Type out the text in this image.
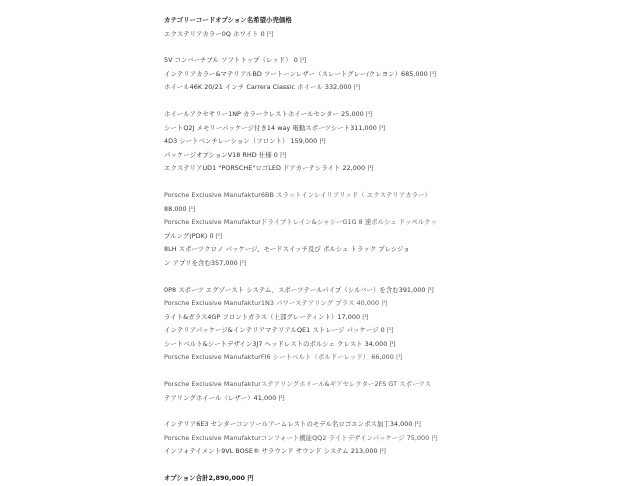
カテゴリーコードオプション名希望小売価格
エクステリアカラー0Q ホワイト 0 円
5V コンバーチブル ソフトトップ（レッド） 0 円
インテリアカラー&マテリアルBD ツートーンレザー（スレートグレー/クレヨン）685,000 円
ホイール46K 20/21 インチ Carrera Classic ホイール 332,000 円
ホイールアクセサリー1NP カラークレストホイールセンター 25,000 円
シートQ2J メモリーパッケージ付き14 way 電動スポーツシート311,000 円
4D3 シートベンチレーション（フロント） 159,000 円
パッケージオプションV18 RHD 仕様 0 円
エクステリアUD1 "PORSCHE"ロゴLED ドアカーテシライト 22,000 円
Porsche Exclusive Manufaktur6BB スラットインレイリアリッド（ エクステリアカラー）
88,000 円
Porsche Exclusive Manufakturドライブトレイン&シャシーG1G 8 速ポルシェ ドッペルクッ
プルング(PDK) 0 円
8LH スポーツクロノ パッケージ、モードスイッチ及び ポルシェ トラック プレシジョ
ン アプリを含む357,000 円
0P8 スポーツ エグゾースト システム、スポーツテールパイプ（シルバー）を含む391,000 円
Porsche Exclusive Manufaktur1N3 パワーステアリング プラス 40,000 円
ライト&ガラス4GP フロントガラス（上部グレーティント）17,000 円
インテリアパッケージ&インテリアマテリアルQE1 ストレージ パッケージ 0 円
シートベルト&シートデザイン3J7 ヘッドレストのポルシェ クレスト 34,000 円
Porsche Exclusive ManufakturFI6 シートベルト（ボルドーレッド） 66,000 円
Porsche Exclusive Manufakturステアリングホイール&ギアセレクター2FS GT スポーツス
テアリングホイール（レザー）41,000 円
インテリア6E3 センターコンソールアームレストのモデル名ロゴエンボス加工34,000 円
Porsche Exclusive Manufakturコンフォート機能QQ2 ライトデザインパッケージ 75,000 円
インフォテイメント9VL BOSE® サラウンド サウンド システム 213,000 円
オプション合計2,890,000 円
